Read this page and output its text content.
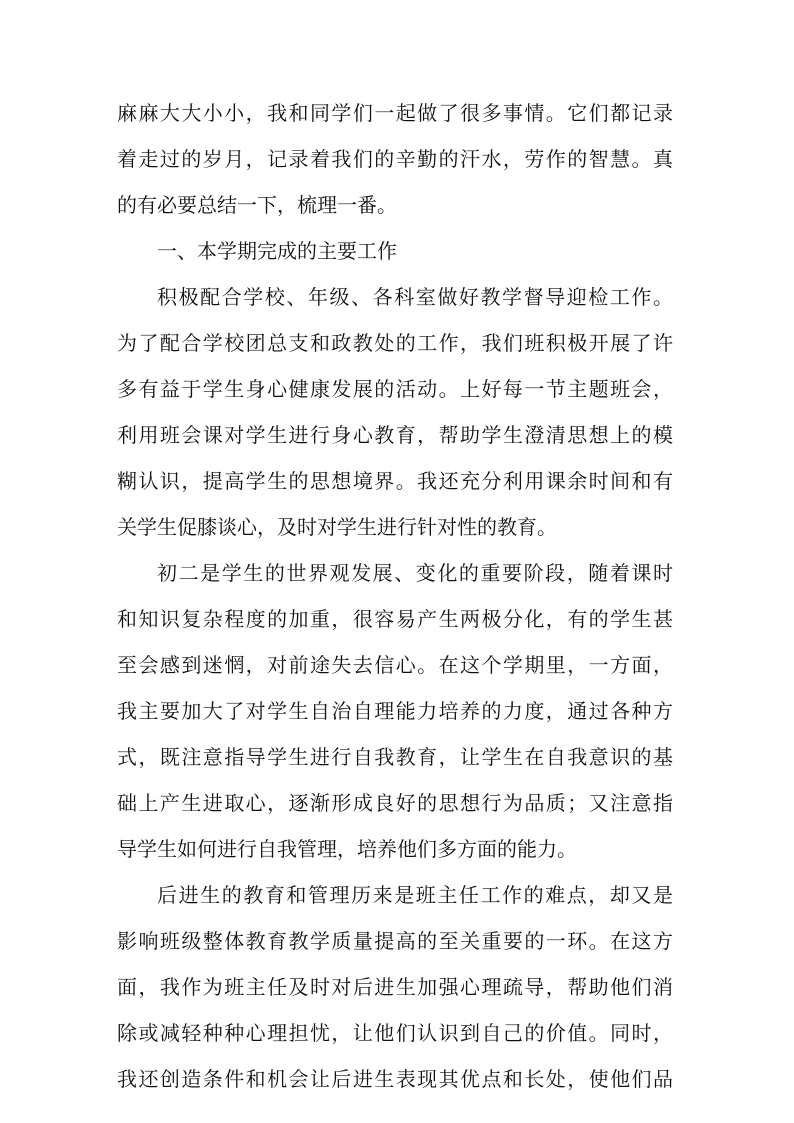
麻麻大大小小，我和同学们一起做了很多事情。它们都记录
着走过的岁月，记录着我们的辛勤的汗水，劳作的智慧。真
的有必要总结一下，梳理一番。
一、本学期完成的主要工作
积极配合学校、年级、各科室做好教学督导迎检工作。
为了配合学校团总支和政教处的工作，我们班积极开展了许
多有益于学生身心健康发展的活动。上好每一节主题班会，
利用班会课对学生进行身心教育，帮助学生澄清思想上的模
糊认识，提高学生的思想境界。我还充分利用课余时间和有
关学生促膝谈心，及时对学生进行针对性的教育。
初二是学生的世界观发展、变化的重要阶段，随着课时
和知识复杂程度的加重，很容易产生两极分化，有的学生甚
至会感到迷惘，对前途失去信心。在这个学期里，一方面，
我主要加大了对学生自治自理能力培养的力度，通过各种方
式，既注意指导学生进行自我教育，让学生在自我意识的基
础上产生进取心，逐渐形成良好的思想行为品质；又注意指
导学生如何进行自我管理，培养他们多方面的能力。
后进生的教育和管理历来是班主任工作的难点，却又是
影响班级整体教育教学质量提高的至关重要的一环。在这方
面，我作为班主任及时对后进生加强心理疏导，帮助他们消
除或减轻种种心理担忧，让他们认识到自己的价值。同时，
我还创造条件和机会让后进生表现其优点和长处，使他们品
